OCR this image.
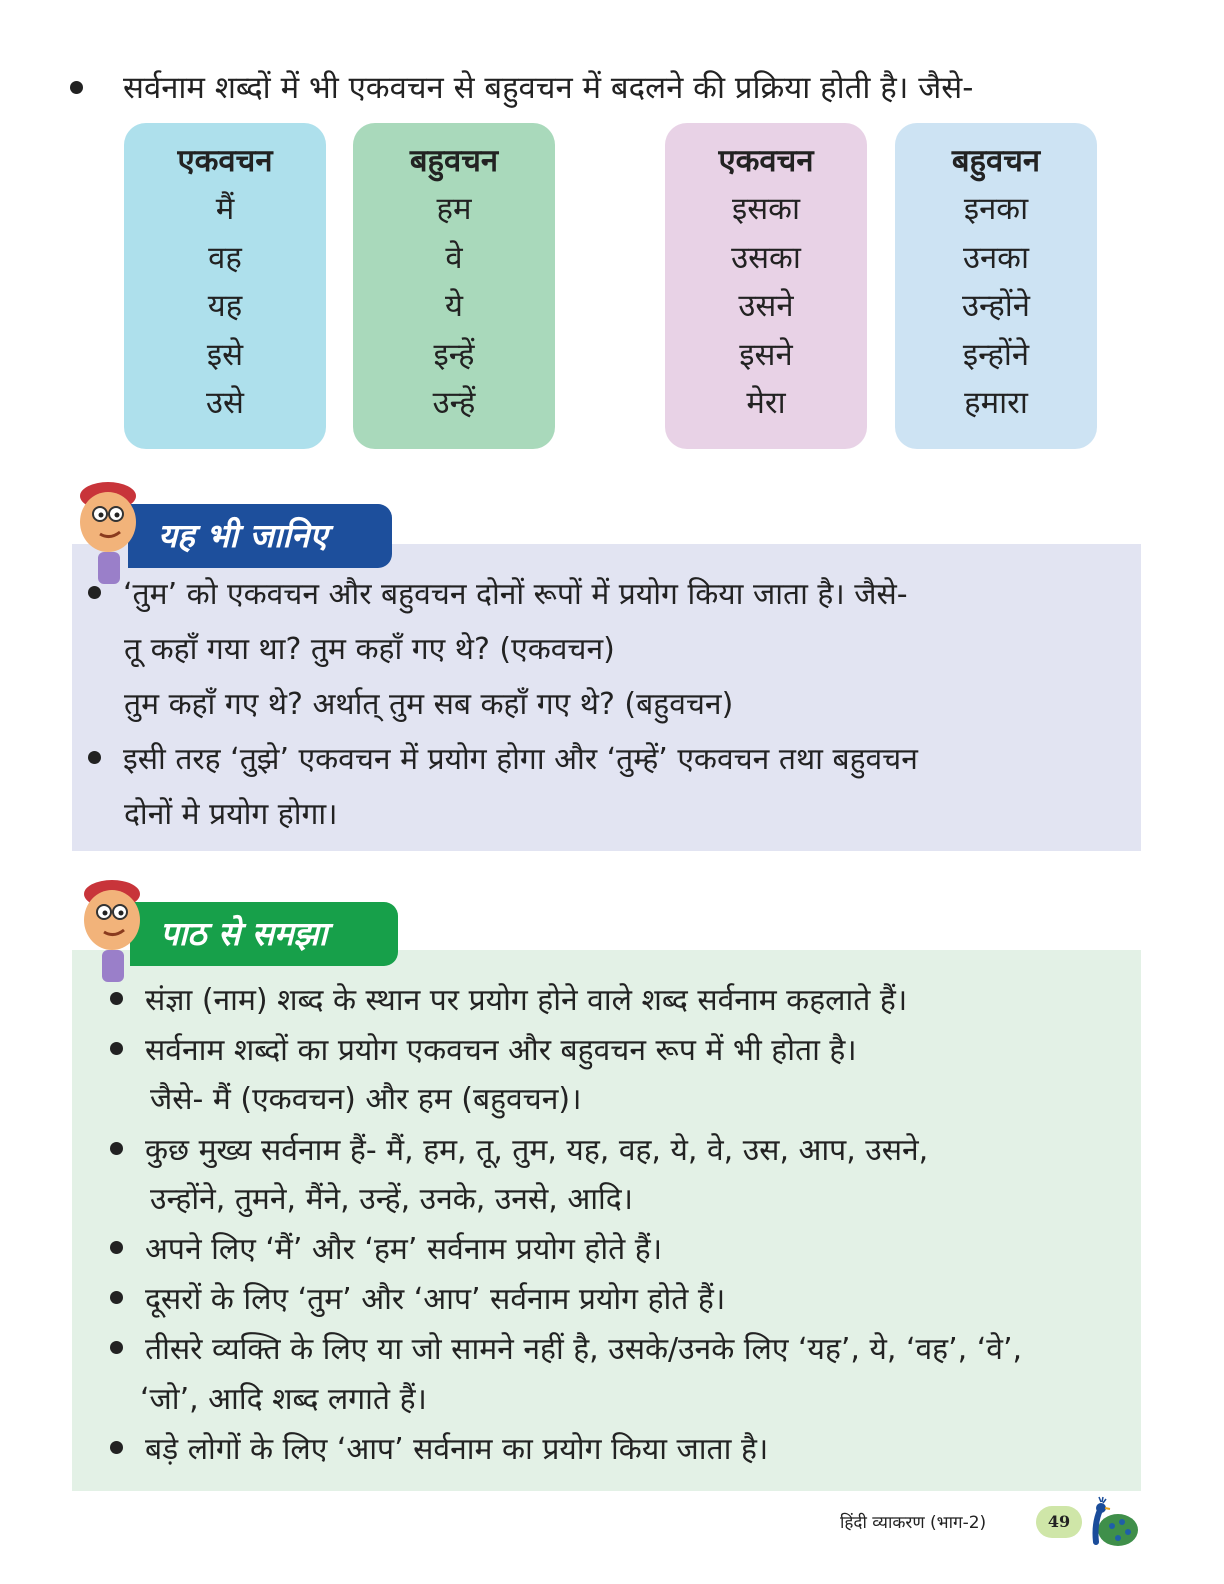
सर्वनाम शब्दों में भी एकवचन से बहुवचन में बदलने की प्रक्रिया होती है। जैसे-
एकवचन
मैं
वह
यह
इसे
उसे
बहुवचन
हम
वे
ये
इन्हें
उन्हें
एकवचन
इसका
उसका
उसने
इसने
मेरा
बहुवचन
इनका
उनका
उन्होंने
इन्होंने
हमारा
यह भी जानिए
‘तुम’ को एकवचन और बहुवचन दोनों रूपों में प्रयोग किया जाता है। जैसे-
तू कहाँ गया था? तुम कहाँ गए थे? (एकवचन)
तुम कहाँ गए थे? अर्थात् तुम सब कहाँ गए थे? (बहुवचन)
इसी तरह ‘तुझे’ एकवचन में प्रयोग होगा और ‘तुम्हें’ एकवचन तथा बहुवचन
दोनों मे प्रयोग होगा।
पाठ से समझा
संज्ञा (नाम) शब्द के स्थान पर प्रयोग होने वाले शब्द सर्वनाम कहलाते हैं।
सर्वनाम शब्दों का प्रयोग एकवचन और बहुवचन रूप में भी होता है।
जैसे- मैं (एकवचन) और हम (बहुवचन)।
कुछ मुख्य सर्वनाम हैं- मैं, हम, तू, तुम, यह, वह, ये, वे, उस, आप, उसने,
उन्होंने, तुमने, मैंने, उन्हें, उनके, उनसे, आदि।
अपने लिए ‘मैं’ और ‘हम’ सर्वनाम प्रयोग होते हैं।
दूसरों के लिए ‘तुम’ और ‘आप’ सर्वनाम प्रयोग होते हैं।
तीसरे व्यक्ति के लिए या जो सामने नहीं है, उसके/उनके लिए ‘यह’, ये, ‘वह’, ‘वे’,
‘जो’, आदि शब्द लगाते हैं।
बड़े लोगों के लिए ‘आप’ सर्वनाम का प्रयोग किया जाता है।
हिंदी व्याकरण (भाग-2)	49
